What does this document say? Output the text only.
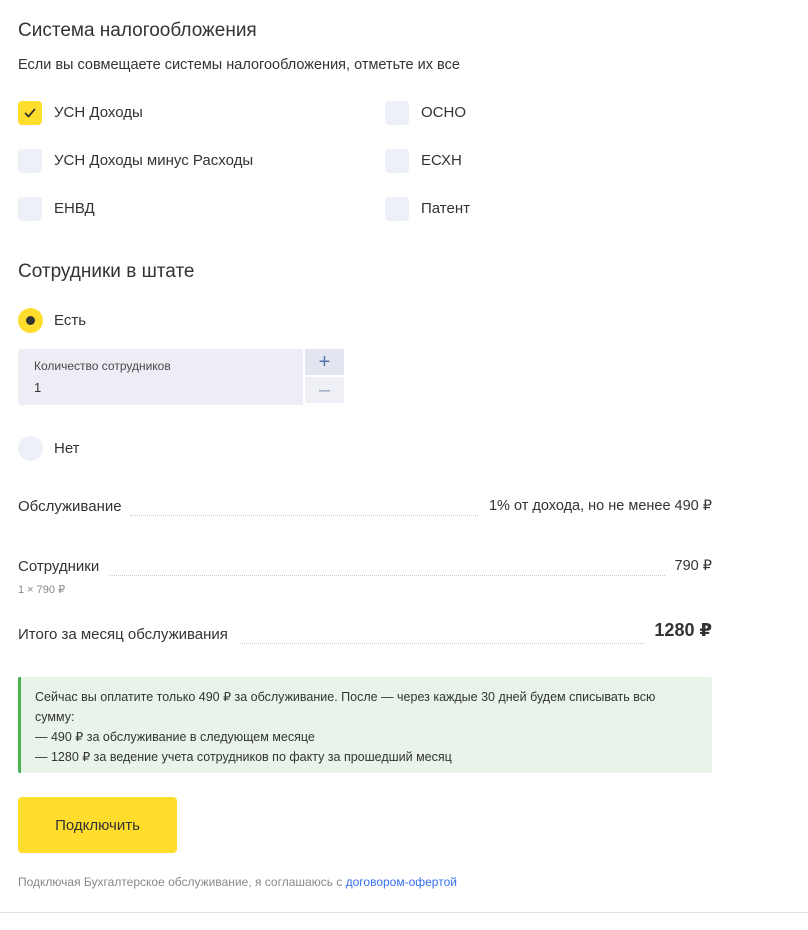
Система налогообложения
Если вы совмещаете системы налогообложения, отметьте их все
УСН Доходы	ОСНО
УСН Доходы минус Расходы	ЕСХН
ЕНВД	Патент
Сотрудники в штате
Есть
Количество сотрудников
1
+
–
Нет
Обслуживание	1% от дохода, но не менее 490 ₽
Сотрудники	790 ₽
1 × 790 ₽
Итого за месяц обслуживания	1280 ₽

Сейчас вы оплатите только 490 ₽ за обслуживание. После — через каждые 30 дней будем списывать всю

сумму:

— 490 ₽ за обслуживание в следующем месяце

— 1280 ₽ за ведение учета сотрудников по факту за прошедший месяц

Подключить
Подключая Бухгалтерское обслуживание, я соглашаюсь с договором-офертой
